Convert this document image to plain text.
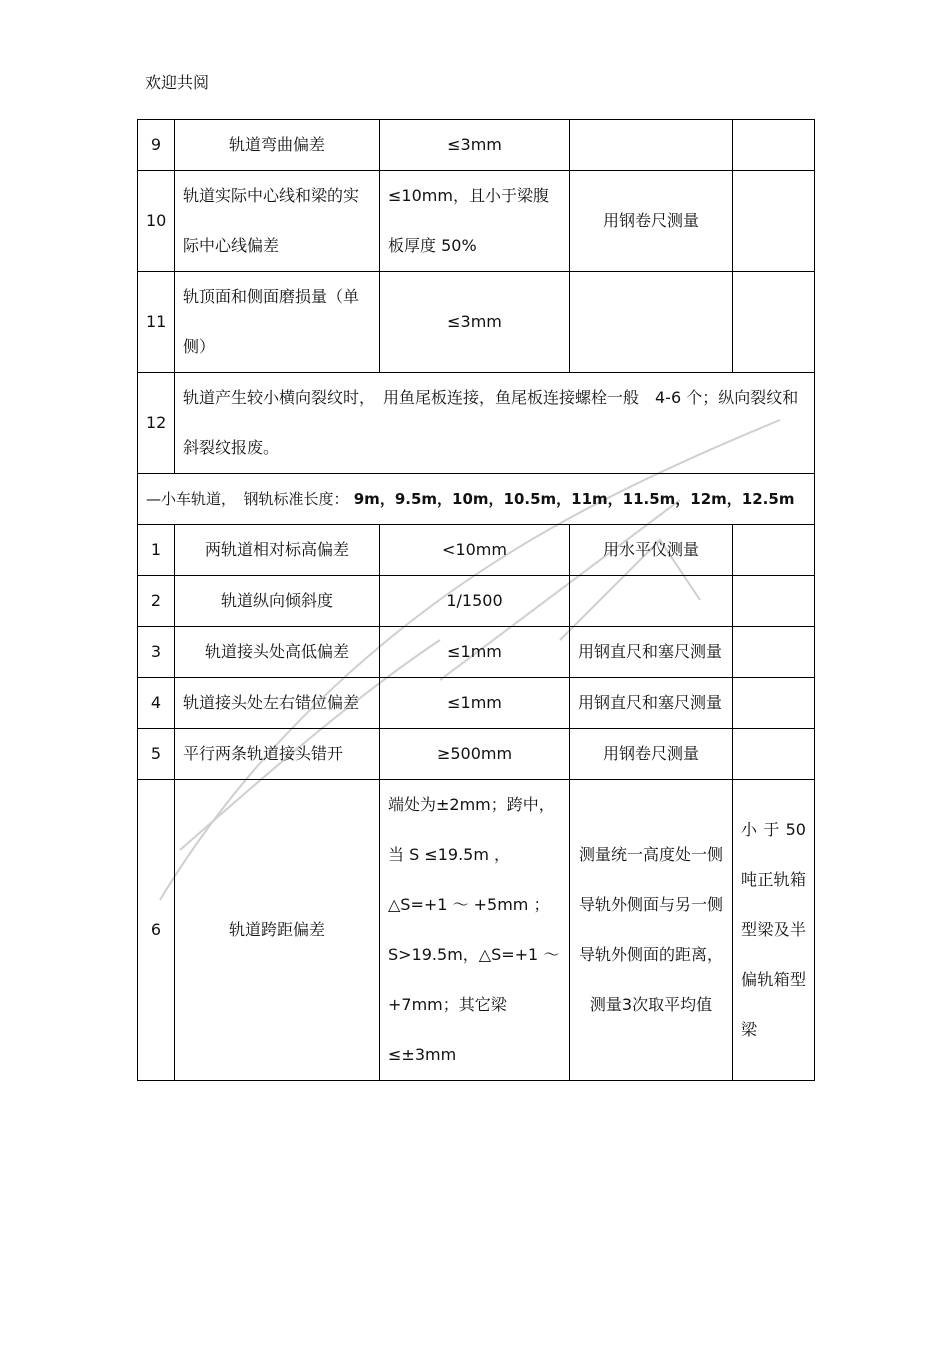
欢迎共阅
9	轨道弯曲偏差	≤3mm		
10	轨道实际中心线和梁的实际中心线偏差	≤10mm，且小于梁腹板厚度 50%	用钢卷尺测量	
11	轨顶面和侧面磨损量（单侧）	≤3mm		
12	轨道产生较小横向裂纹时，　用鱼尾板连接，鱼尾板连接螺栓一般　4-6 个；纵向裂纹和斜裂纹报废。			
—小车轨道，　钢轨标准长度： 9m，9.5m，10m，10.5m，11m，11.5m，12m，12.5m				
1	两轨道相对标高偏差	<10mm	用水平仪测量	
2	轨道纵向倾斜度	1/1500		
3	轨道接头处高低偏差	≤1mm	用钢直尺和塞尺测量	
4	轨道接头处左右错位偏差	≤1mm	用钢直尺和塞尺测量	
5	平行两条轨道接头错开	≥500mm	用钢卷尺测量	
6	轨道跨距偏差	端处为±2mm；跨中，当 S ≤19.5m ，△S=+1 ～ +5mm ；S>19.5m，△S=+1 ～+7mm；其它梁≤±3mm	测量统一高度处一侧导轨外侧面与另一侧导轨外侧面的距离，测量3次取平均值	小于50吨正轨箱型梁及半偏轨箱型梁
